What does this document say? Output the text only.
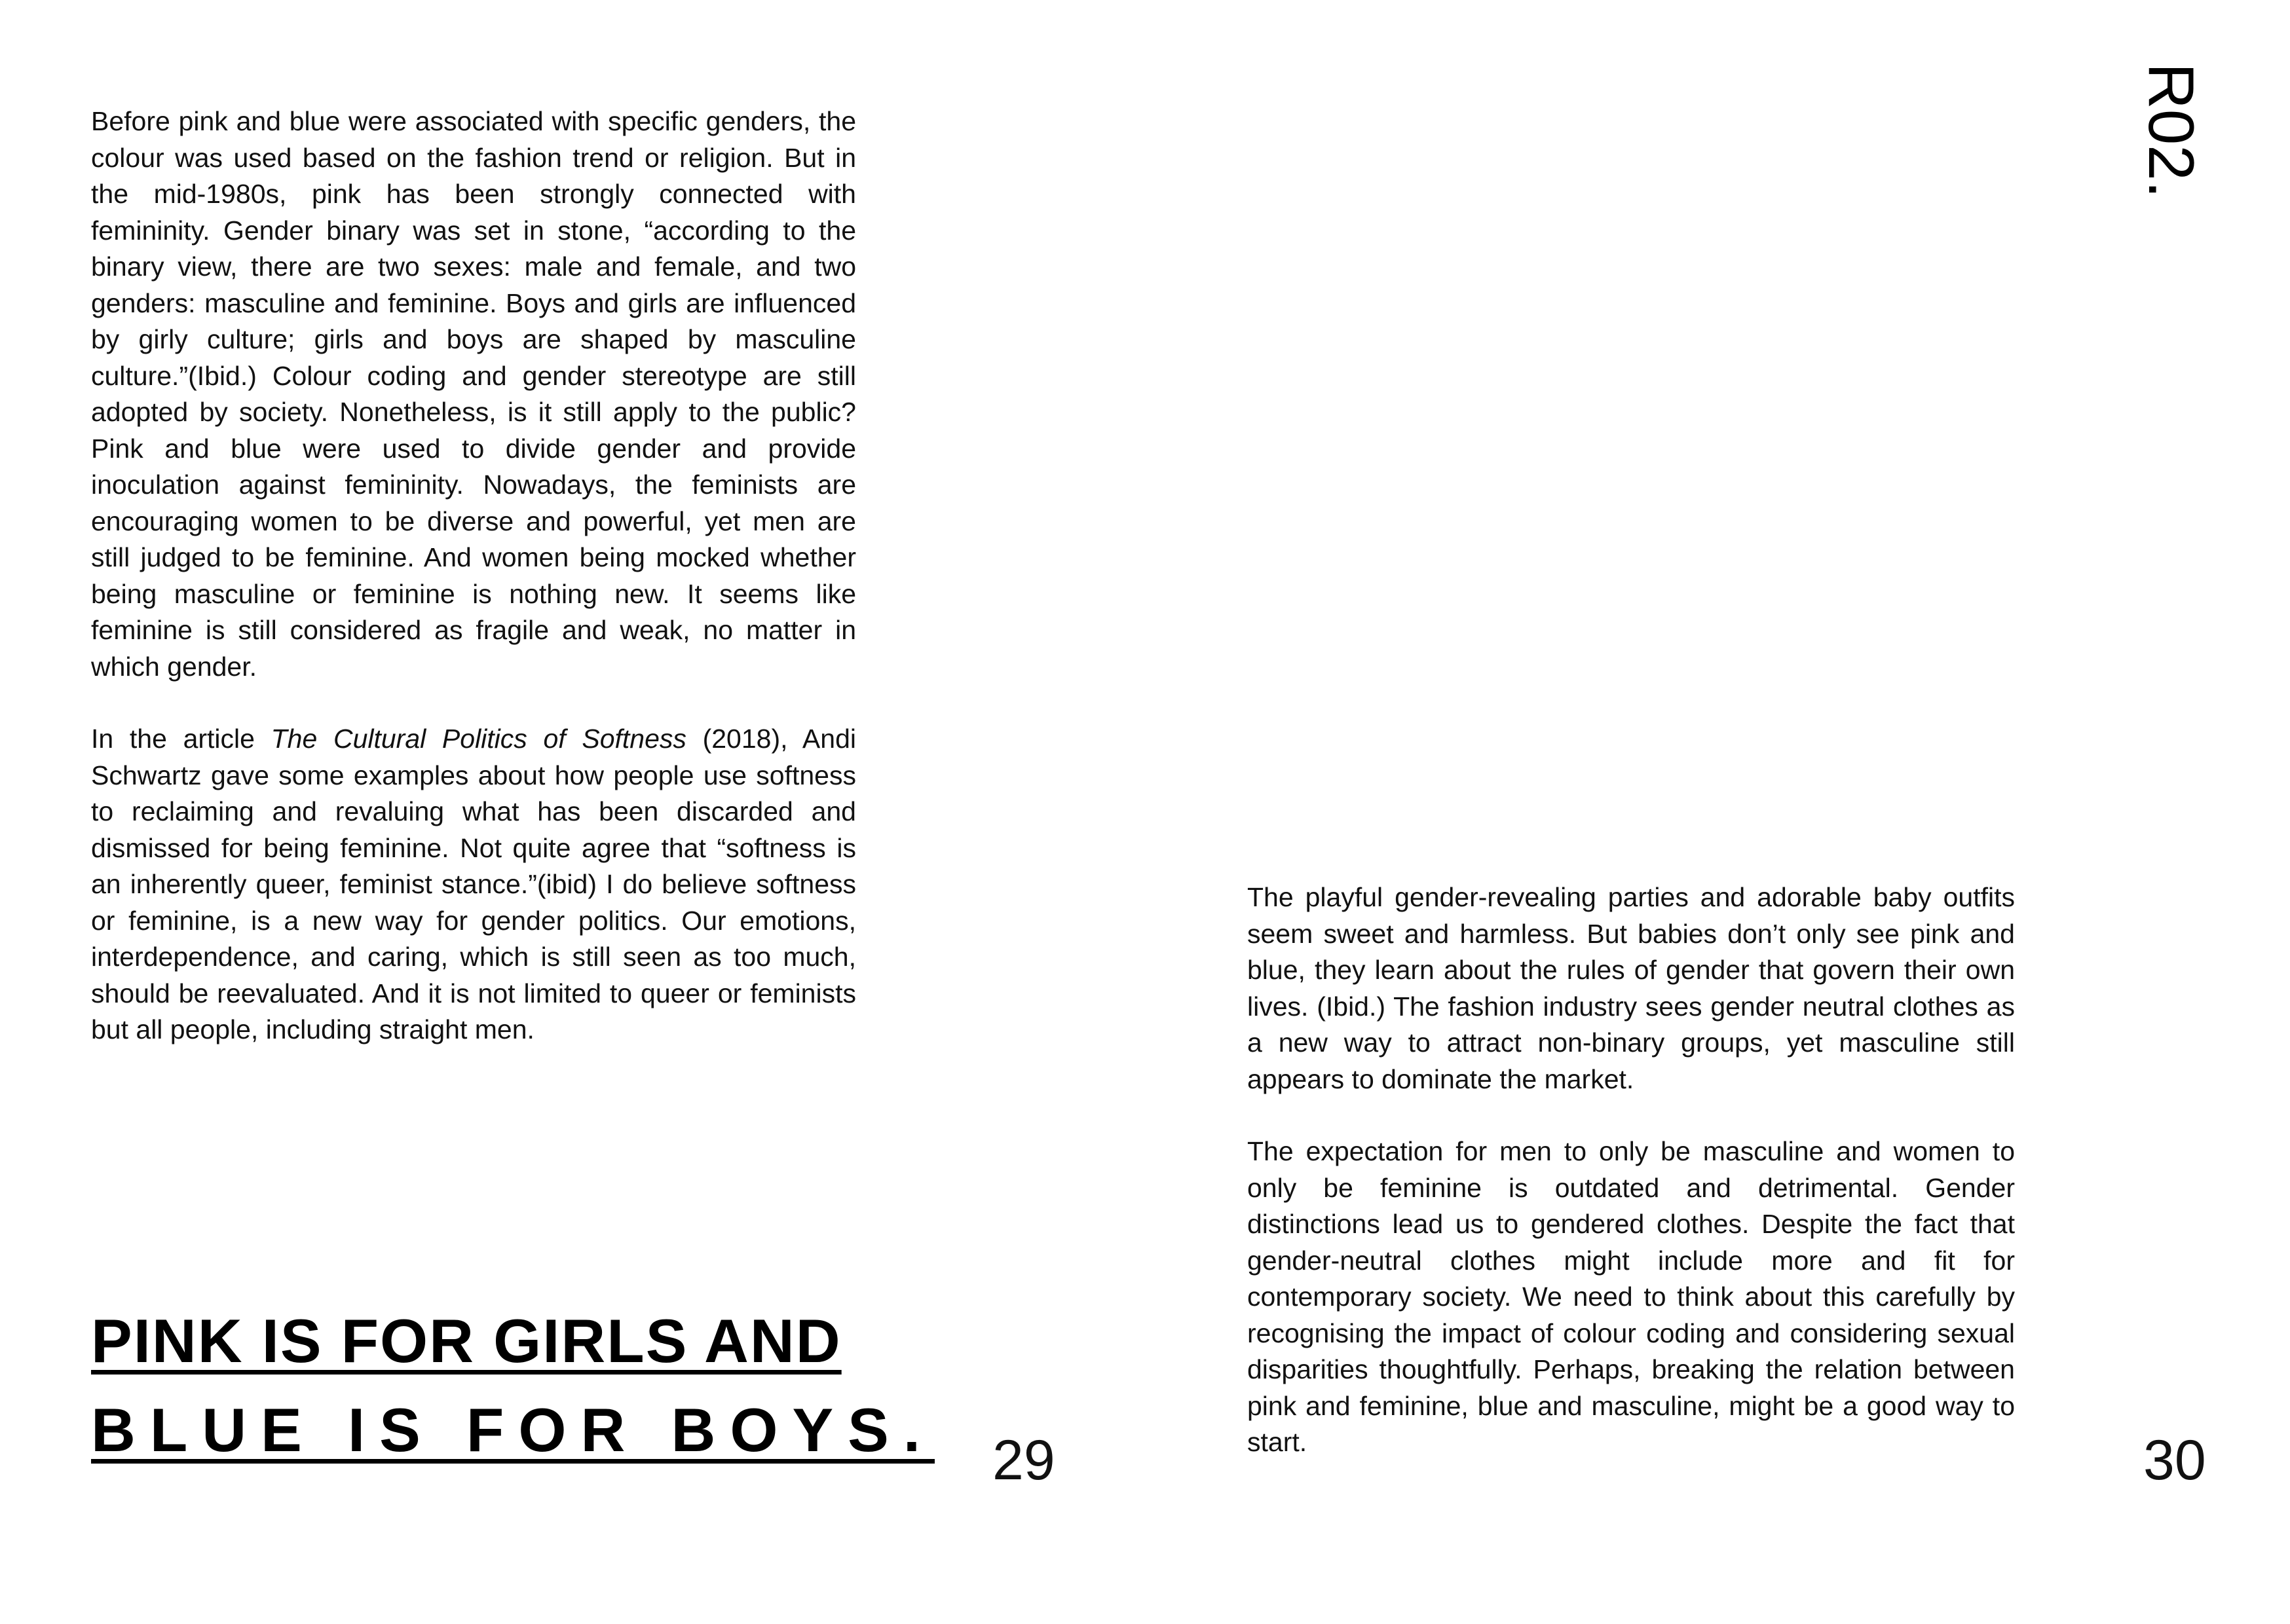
Before pink and blue were associated with specific genders, the colour was used based on the fashion trend or religion. But in the mid-1980s, pink has been strongly connected with femininity. Gender binary was set in stone, “according to the binary view, there are two sexes: male and female, and two genders: masculine and feminine. Boys and girls are influenced by girly culture; girls and boys are shaped by masculine culture.”(Ibid.) Colour coding and gender stereotype are still adopted by society. Nonetheless, is it still apply to the public? Pink and blue were used to divide gender and provide inoculation against femininity. Nowadays, the feminists are encouraging women to be diverse and powerful, yet men are still judged to be feminine. And women being mocked whether being masculine or feminine is nothing new. It seems like feminine is still considered as fragile and weak, no matter in which gender.

In the article The Cultural Politics of Softness (2018), Andi Schwartz gave some examples about how people use softness to reclaiming and revaluing what has been discarded and dismissed for being feminine. Not quite agree that “softness is an inherently queer, feminist stance.”(ibid) I do believe softness or feminine, is a new way for gender politics. Our emotions, interdependence, and caring, which is still seen as too much, should be reevaluated. And it is not limited to queer or feminists but all people, including straight men.

PINK IS FOR GIRLS AND
BLUE IS FOR BOYS. 29

The playful gender-revealing parties and adorable baby outfits seem sweet and harmless. But babies don’t only see pink and blue, they learn about the rules of gender that govern their own lives. (Ibid.) The fashion industry sees gender neutral clothes as a new way to attract non-binary groups, yet masculine still appears to dominate the market.

The expectation for men to only be masculine and women to only be feminine is outdated and detrimental. Gender distinctions lead us to gendered clothes. Despite the fact that gender-neutral clothes might include more and fit for contemporary society. We need to think about this carefully by recognising the impact of colour coding and considering sexual disparities thoughtfully. Perhaps, breaking the relation between pink and feminine, blue and masculine, might be a good way to start.	30
R02.
